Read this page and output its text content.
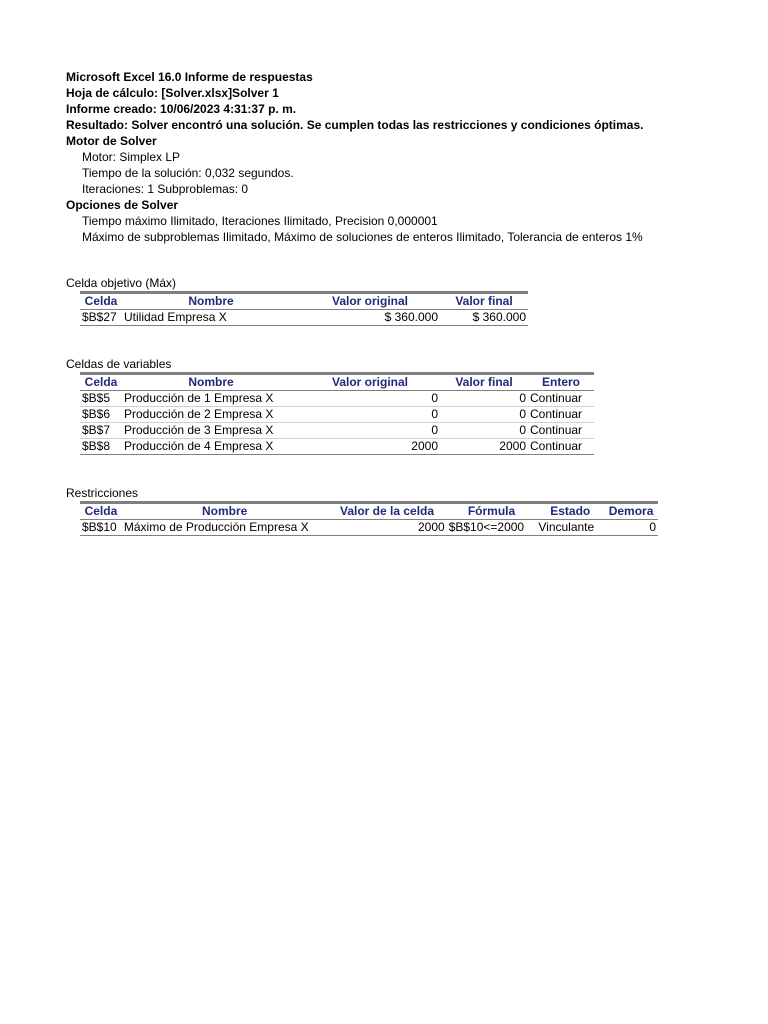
Microsoft Excel 16.0 Informe de respuestas
Hoja de cálculo: [Solver.xlsx]Solver 1
Informe creado: 10/06/2023 4:31:37 p. m.
Resultado: Solver encontró una solución. Se cumplen todas las restricciones y condiciones óptimas.
Motor de Solver
Motor: Simplex LP
Tiempo de la solución: 0,032 segundos.
Iteraciones: 1 Subproblemas: 0
Opciones de Solver
Tiempo máximo Ilimitado, Iteraciones Ilimitado, Precision 0,000001
Máximo de subproblemas Ilimitado, Máximo de soluciones de enteros Ilimitado, Tolerancia de enteros 1%
Celda objetivo (Máx)
Celda	Nombre	Valor original	Valor final
$B$27	Utilidad Empresa X	$ 360.000	$ 360.000
Celdas de variables
Celda	Nombre	Valor original	Valor final	Entero
$B$5	Producción de 1 Empresa X	0	0	Continuar
$B$6	Producción de 2 Empresa X	0	0	Continuar
$B$7	Producción de 3 Empresa X	0	0	Continuar
$B$8	Producción de 4 Empresa X	2000	2000	Continuar
Restricciones
Celda	Nombre	Valor de la celda	Fórmula	Estado	Demora
$B$10	Máximo de Producción Empresa X	2000	$B$10<=2000	Vinculante	0
